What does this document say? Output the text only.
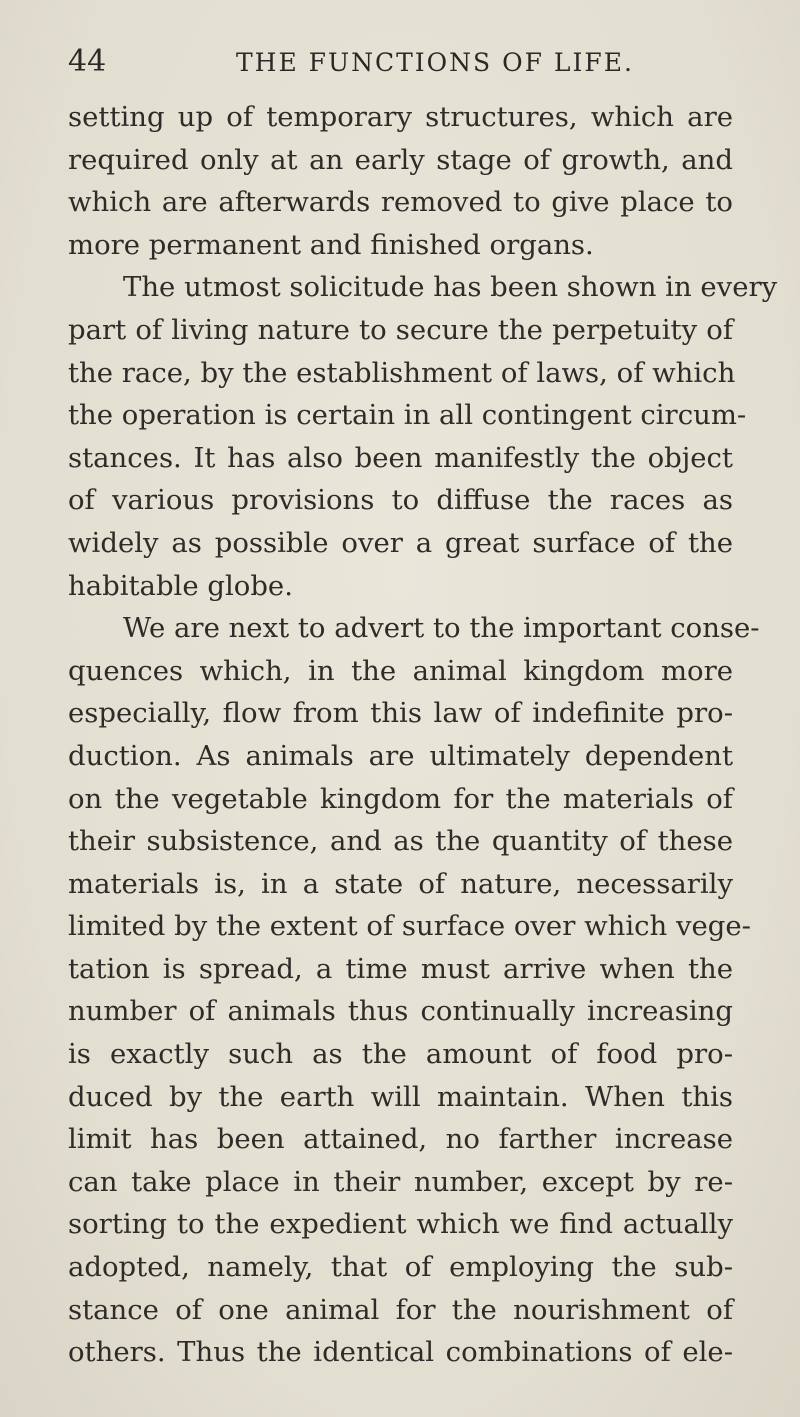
44	THE FUNCTIONS OF LIFE.
setting up of temporary structures, which are
required only at an early stage of growth, and
which are afterwards removed to give place to
more permanent and finished organs.
The utmost solicitude has been shown in every
part of living nature to secure the perpetuity of
the race, by the establishment of laws, of which
the operation is certain in all contingent circum-
stances. It has also been manifestly the object
of various provisions to diffuse the races as
widely as possible over a great surface of the
habitable globe.
We are next to advert to the important conse-
quences which, in the animal kingdom more
especially, flow from this law of indefinite pro-
duction. As animals are ultimately dependent
on the vegetable kingdom for the materials of
their subsistence, and as the quantity of these
materials is, in a state of nature, necessarily
limited by the extent of surface over which vege-
tation is spread, a time must arrive when the
number of animals thus continually increasing
is exactly such as the amount of food pro-
duced by the earth will maintain. When this
limit has been attained, no farther increase
can take place in their number, except by re-
sorting to the expedient which we find actually
adopted, namely, that of employing the sub-
stance of one animal for the nourishment of
others. Thus the identical combinations of ele-
